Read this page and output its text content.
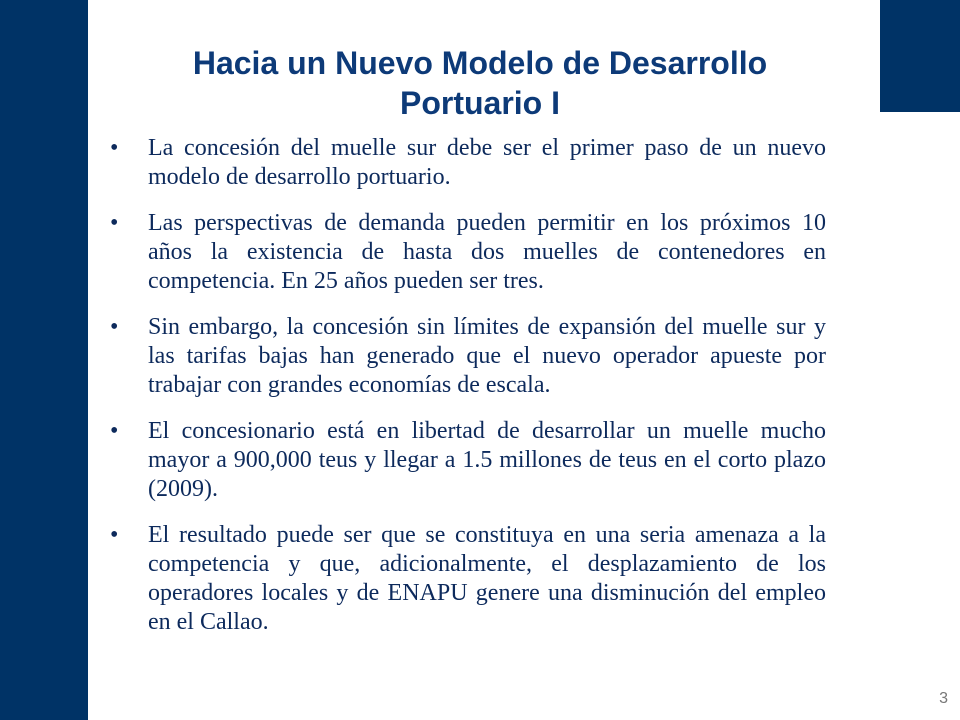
Hacia un Nuevo Modelo de Desarrollo
Portuario I
• La concesión del muelle sur debe ser el primer paso de un nuevo modelo de desarrollo portuario.
• Las perspectivas de demanda pueden permitir en los próximos 10 años la existencia de hasta dos muelles de contenedores en competencia. En 25 años pueden ser tres.
• Sin embargo, la concesión sin límites de expansión del muelle sur y las tarifas bajas han generado que el nuevo operador apueste por trabajar con grandes economías de escala.
• El concesionario está en libertad de desarrollar un muelle mucho mayor a 900,000 teus y llegar a 1.5 millones de teus en el corto plazo (2009).
• El resultado puede ser que se constituya en una seria amenaza a la competencia y que, adicionalmente, el desplazamiento de los operadores locales y de ENAPU genere una disminución del empleo en el Callao.
3
